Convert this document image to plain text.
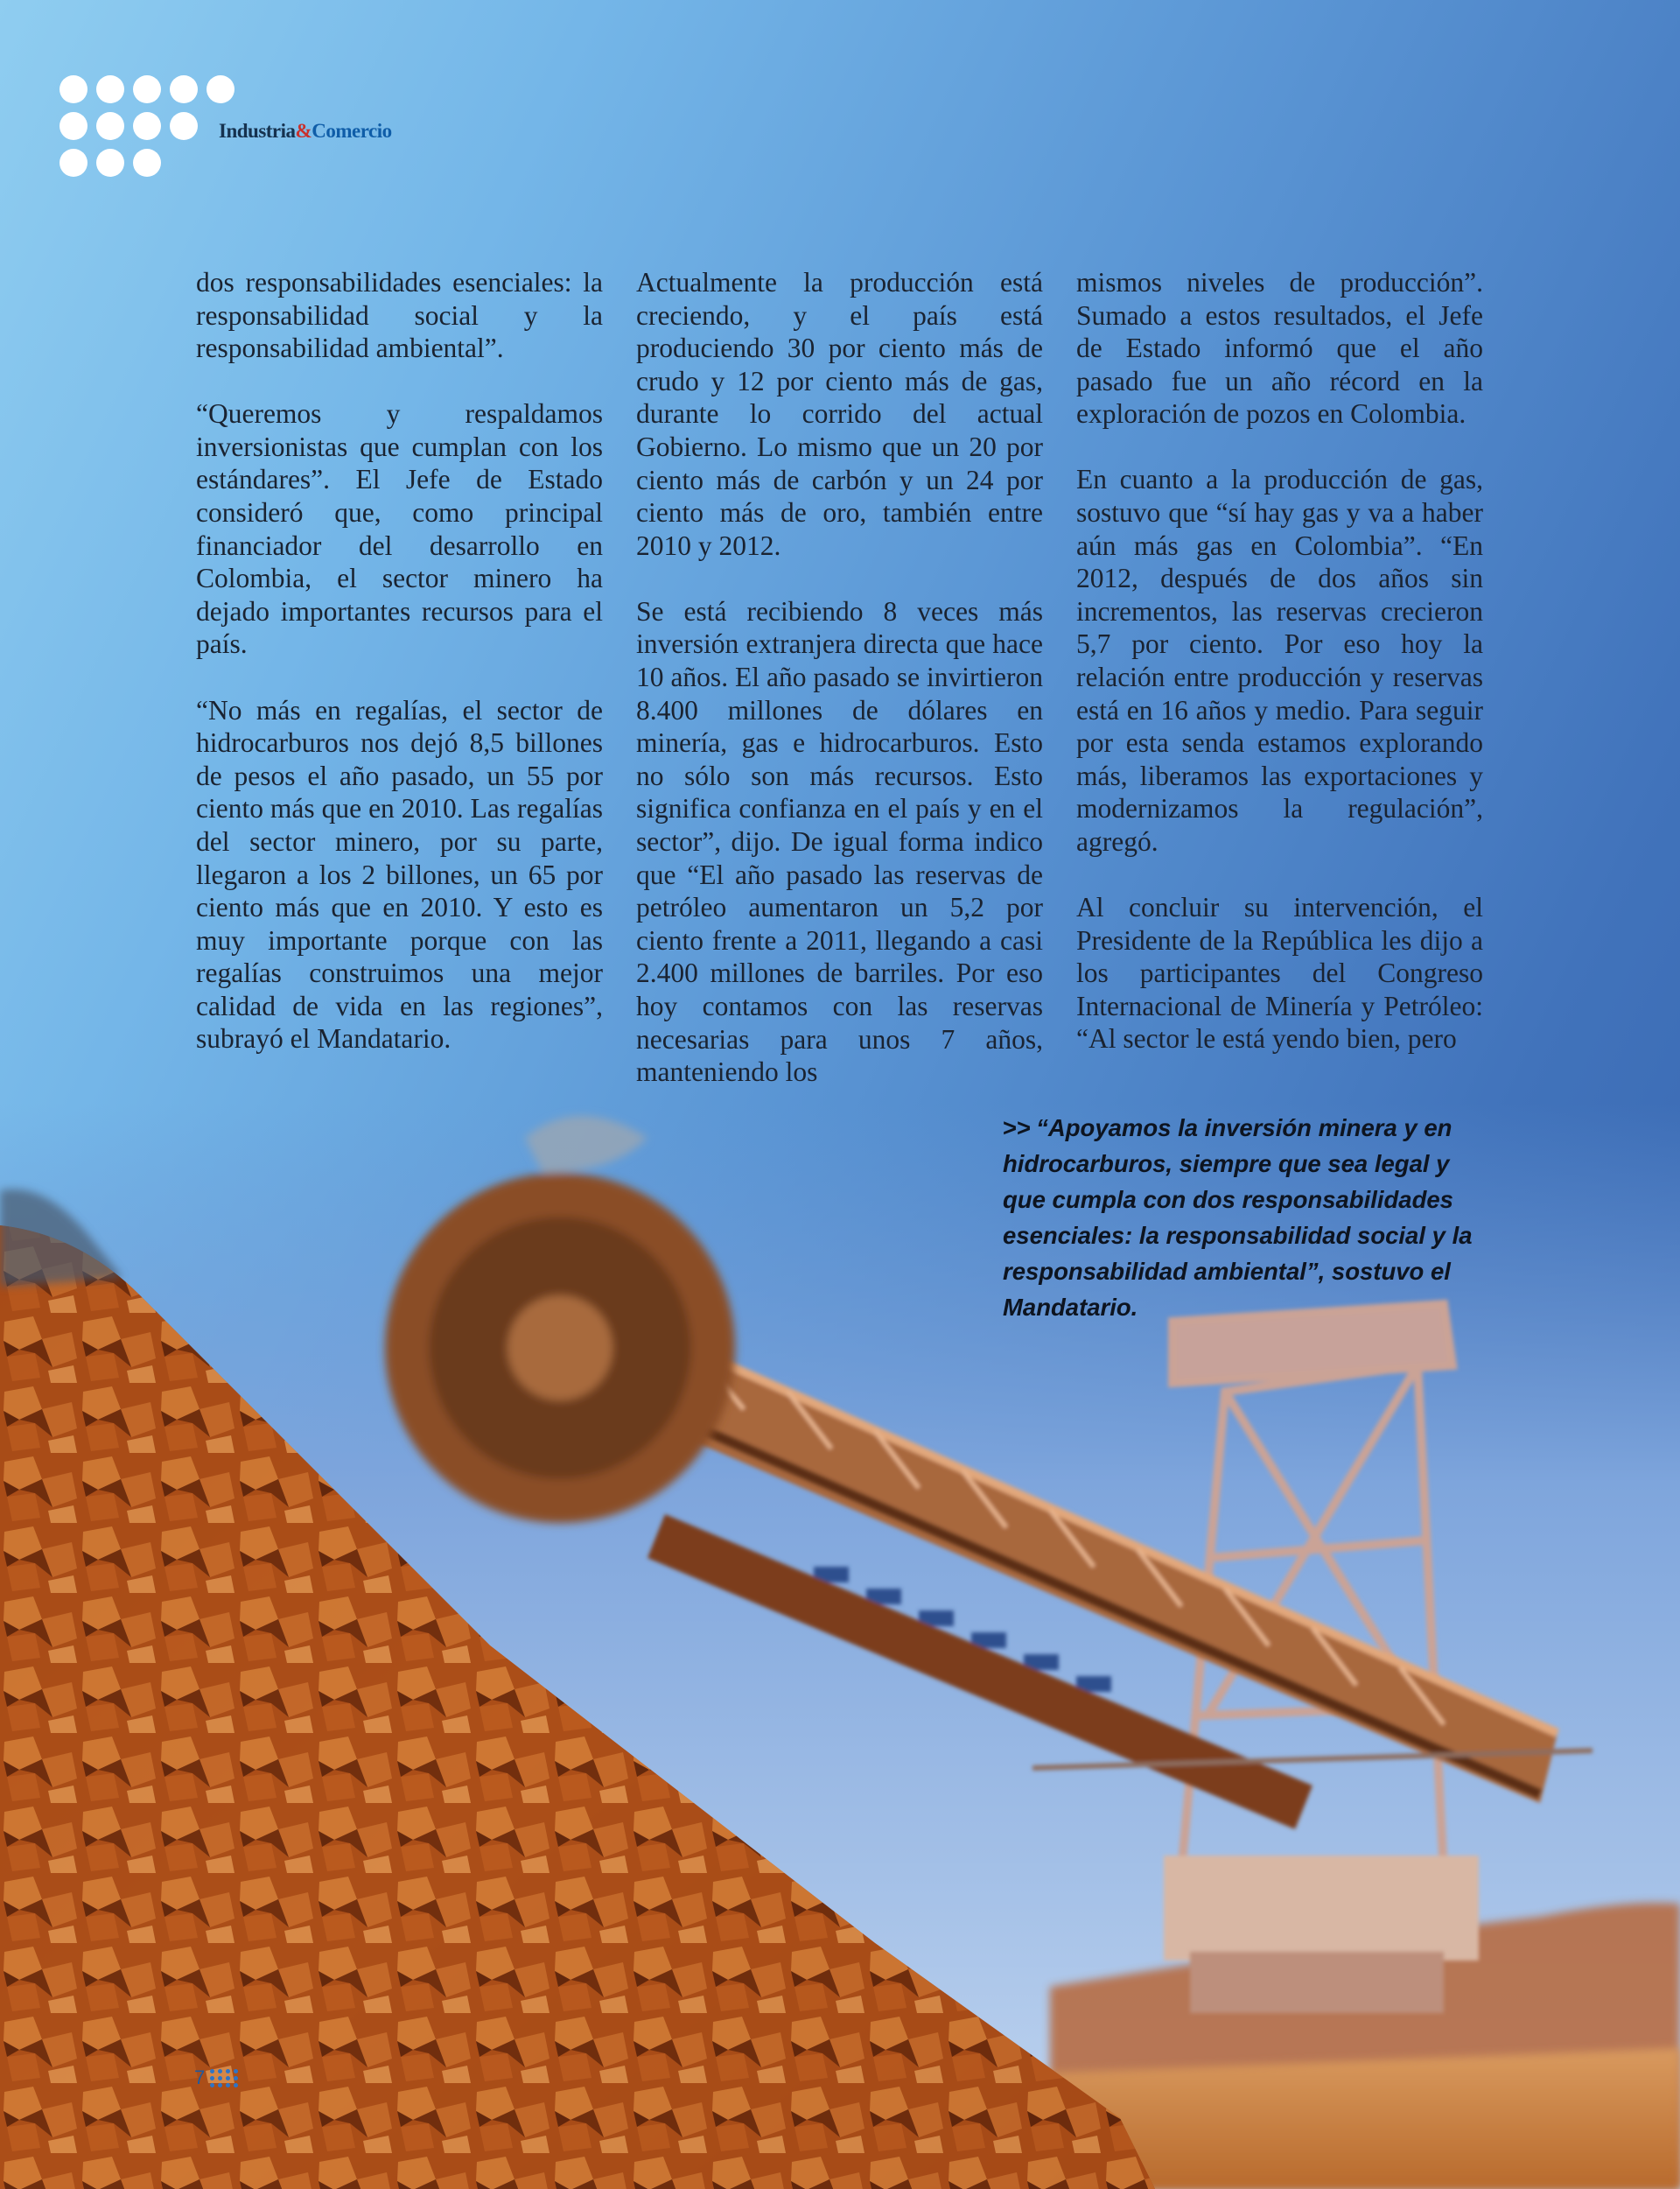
Industria&Comercio

dos responsabilidades esenciales: la responsabilidad social y la responsabilidad ambiental”.

“Queremos y respaldamos inversionistas que cumplan con los estándares”. El Jefe de Estado consideró que, como principal financiador del desarrollo en Colombia, el sector minero ha dejado importantes recursos para el país.

“No más en regalías, el sector de hidrocarburos nos dejó 8,5 billones de pesos el año pasado, un 55 por ciento más que en 2010. Las regalías del sector minero, por su parte, llegaron a los 2 billones, un 65 por ciento más que en 2010. Y esto es muy importante porque con las regalías construimos una mejor calidad de vida en las regiones”, subrayó el Mandatario.

Actualmente la producción está creciendo, y el país está produciendo 30 por ciento más de crudo y 12 por ciento más de gas, durante lo corrido del actual Gobierno. Lo mismo que un 20 por ciento más de carbón y un 24 por ciento más de oro, también entre 2010 y 2012.

Se está recibiendo 8 veces más inversión extranjera directa que hace 10 años. El año pasado se invirtieron 8.400 millones de dólares en minería, gas e hidrocarburos. Esto no sólo son más recursos. Esto significa confianza en el país y en el sector”, dijo. De igual forma indico que “El año pasado las reservas de petróleo aumentaron un 5,2 por ciento frente a 2011, llegando a casi 2.400 millones de barriles. Por eso hoy contamos con las reservas necesarias para unos 7 años, manteniendo los

mismos niveles de producción”. Sumado a estos resultados, el Jefe de Estado informó que el año pasado fue un año récord en la exploración de pozos en Colombia.

En cuanto a la producción de gas, sostuvo que “sí hay gas y va a haber aún más gas en Colombia”. “En 2012, después de dos años sin incrementos, las reservas crecieron 5,7 por ciento. Por eso hoy la relación entre producción y reservas está en 16 años y medio. Para seguir por esta senda estamos explorando más, liberamos las exportaciones y modernizamos la regulación”, agregó.

Al concluir su intervención, el Presidente de la República les dijo a los participantes del Congreso Internacional de Minería y Petróleo: “Al sector le está yendo bien, pero

>> “Apoyamos la inversión minera y en hidrocarburos, siempre que sea legal y que cumpla con dos responsabilidades esenciales: la responsabilidad social y la responsabilidad ambiental”, sostuvo el Mandatario.
7
